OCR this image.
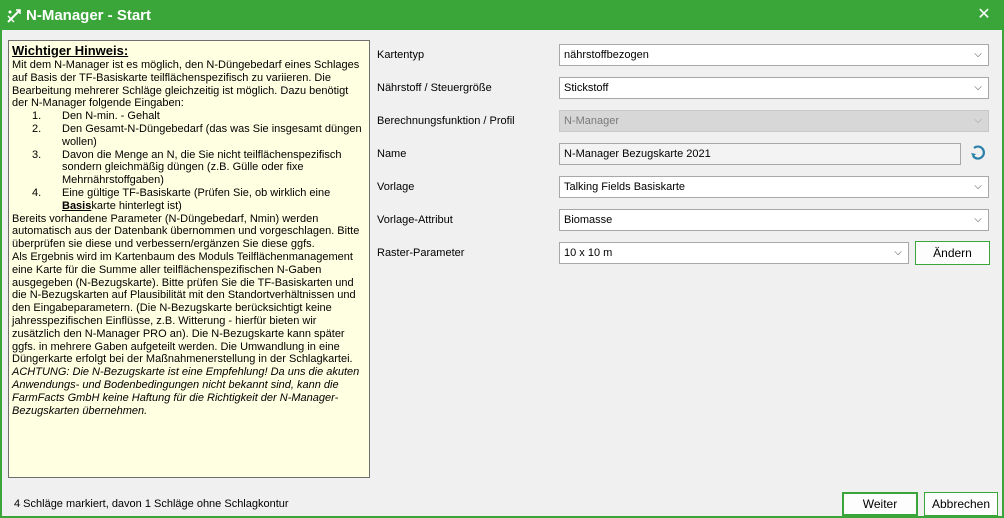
N-Manager - Start	✕
Wichtiger Hinweis:

Mit dem N-Manager ist es möglich, den N-Düngebedarf eines Schlages auf Basis der TF-Basiskarte teilflächenspezifisch zu variieren. Die Bearbeitung mehrerer Schläge gleichzeitig ist möglich. Dazu benötigt der N-Manager folgende Eingaben:

1. Den N-min. - Gehalt
2. Den Gesamt-N-Düngebedarf (das was Sie insgesamt düngen wollen)
3. Davon die Menge an N, die Sie nicht teilflächenspezifisch sondern gleichmäßig düngen (z.B. Gülle oder fixe Mehrnährstoffgaben)
4. Eine gültige TF-Basiskarte (Prüfen Sie, ob wirklich eine Basiskarte hinterlegt ist)

Bereits vorhandene Parameter (N-Düngebedarf, Nmin) werden automatisch aus der Datenbank übernommen und vorgeschlagen. Bitte überprüfen sie diese und verbessern/ergänzen Sie diese ggfs.

Als Ergebnis wird im Kartenbaum des Moduls Teilflächenmanagement eine Karte für die Summe aller teilflächenspezifischen N-Gaben ausgegeben (N-Bezugskarte). Bitte prüfen Sie die TF-Basiskarten und die N-Bezugskarten auf Plausibilität mit den Standortverhältnissen und den Eingabeparametern. (Die N-Bezugskarte berücksichtigt keine jahresspezifischen Einflüsse, z.B. Witterung - hierfür bieten wir zusätzlich den N-Manager PRO an). Die N-Bezugskarte kann später ggfs. in mehrere Gaben aufgeteilt werden. Die Umwandlung in eine Düngerkarte erfolgt bei der Maßnahmenerstellung in der Schlagkartei.

ACHTUNG: Die N-Bezugskarte ist eine Empfehlung! Da uns die akuten Anwendungs- und Bodenbedingungen nicht bekannt sind, kann die FarmFacts GmbH keine Haftung für die Richtigkeit der N-Manager-Bezugskarten übernehmen.

Kartentyp	nährstoffbezogen	⌵
Nährstoff / Steuergröße	Stickstoff	⌵
Berechnungsfunktion / Profil	N-Manager	⌵
Name	N-Manager Bezugskarte 2021
Vorlage	Talking Fields Basiskarte	⌵
Vorlage-Attribut	Biomasse	⌵
Raster-Parameter	10 x 10 m	⌵	Ändern
4 Schläge markiert, davon 1 Schläge ohne Schlagkontur	Weiter	Abbrechen
